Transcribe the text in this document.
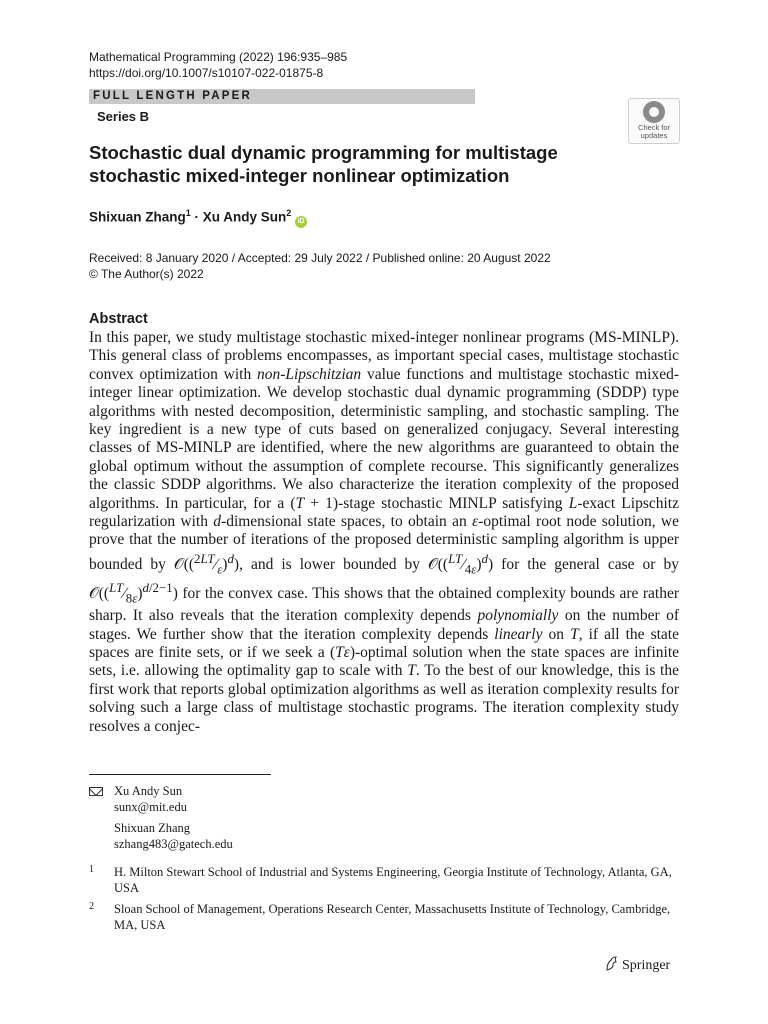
Mathematical Programming (2022) 196:935–985
https://doi.org/10.1007/s10107-022-01875-8
FULL LENGTH PAPER
Series B
Check for updates
Stochastic dual dynamic programming for multistage stochastic mixed-integer nonlinear optimization
Shixuan Zhang$^1$ · Xu Andy Sun$^2$ iD
Received: 8 January 2020 / Accepted: 29 July 2022 / Published online: 20 August 2022
© The Author(s) 2022
Abstract
In this paper, we study multistage stochastic mixed-integer nonlinear programs (MS-MINLP). This general class of problems encompasses, as important special cases, multistage stochastic convex optimization with non-Lipschitzian value functions and multistage stochastic mixed-integer linear optimization. We develop stochastic dual dynamic programming (SDDP) type algorithms with nested decomposition, deterministic sampling, and stochastic sampling. The key ingredient is a new type of cuts based on generalized conjugacy. Several interesting classes of MS-MINLP are identified, where the new algorithms are guaranteed to obtain the global optimum without the assumption of complete recourse. This significantly generalizes the classic SDDP algorithms. We also characterize the iteration complexity of the proposed algorithms. In particular, for a (T + 1)-stage stochastic MINLP satisfying L-exact Lipschitz regularization with d-dimensional state spaces, to obtain an ε-optimal root node solution, we prove that the number of iterations of the proposed deterministic sampling algorithm is upper bounded by $𝒪((^{2LT}⁄_\varepsilon)^d)$, and is lower bounded by $𝒪((^{LT}⁄_{4\varepsilon})^d)$ for the general case or by $𝒪((^{LT}⁄_{8\varepsilon})^{d/2-1})$ for the convex case. This shows that the obtained complexity bounds are rather sharp. It also reveals that the iteration complexity depends polynomially on the number of stages. We further show that the iteration complexity depends linearly on T, if all the state spaces are finite sets, or if we seek a (Tε)-optimal solution when the state spaces are infinite sets, i.e. allowing the optimality gap to scale with T. To the best of our knowledge, this is the first work that reports global optimization algorithms as well as iteration complexity results for solving such a large class of multistage stochastic programs. The iteration complexity study resolves a conjec-
Xu Andy Sun
sunx@mit.edu
Shixuan Zhang
szhang483@gatech.edu
1 H. Milton Stewart School of Industrial and Systems Engineering, Georgia Institute of Technology, Atlanta, GA, USA
2 Sloan School of Management, Operations Research Center, Massachusetts Institute of Technology, Cambridge, MA, USA
Springer
